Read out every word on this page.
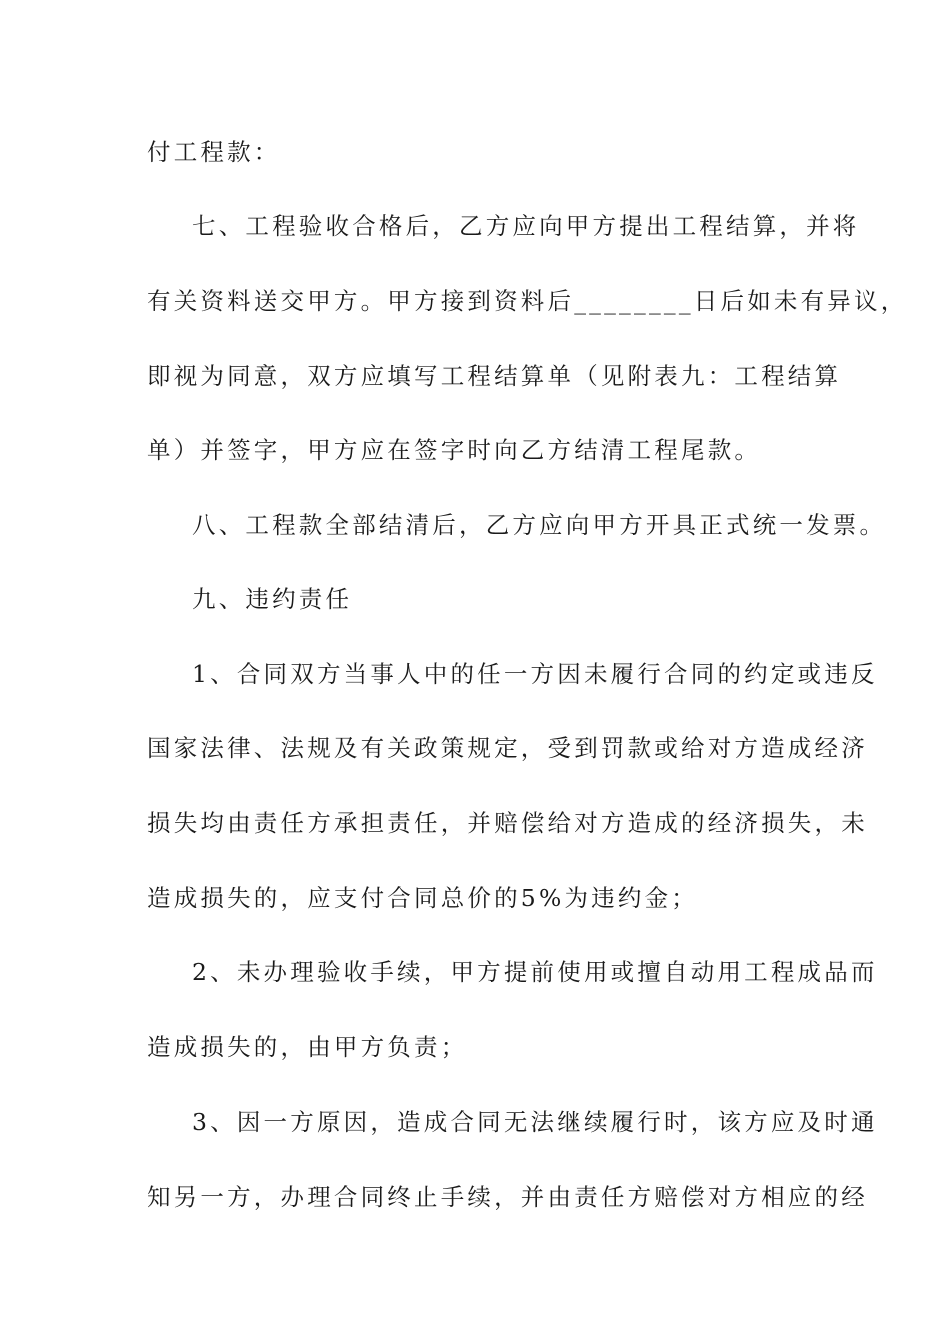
付工程款：
七、工程验收合格后，乙方应向甲方提出工程结算，并将
有关资料送交甲方。甲方接到资料后________日后如未有异议，
即视为同意，双方应填写工程结算单（见附表九：工程结算
单）并签字，甲方应在签字时向乙方结清工程尾款。
八、工程款全部结清后，乙方应向甲方开具正式统一发票。
九、违约责任
1、合同双方当事人中的任一方因未履行合同的约定或违反
国家法律、法规及有关政策规定，受到罚款或给对方造成经济
损失均由责任方承担责任，并赔偿给对方造成的经济损失，未
造成损失的，应支付合同总价的5%为违约金；
2、未办理验收手续，甲方提前使用或擅自动用工程成品而
造成损失的，由甲方负责；
3、因一方原因，造成合同无法继续履行时，该方应及时通
知另一方，办理合同终止手续，并由责任方赔偿对方相应的经
